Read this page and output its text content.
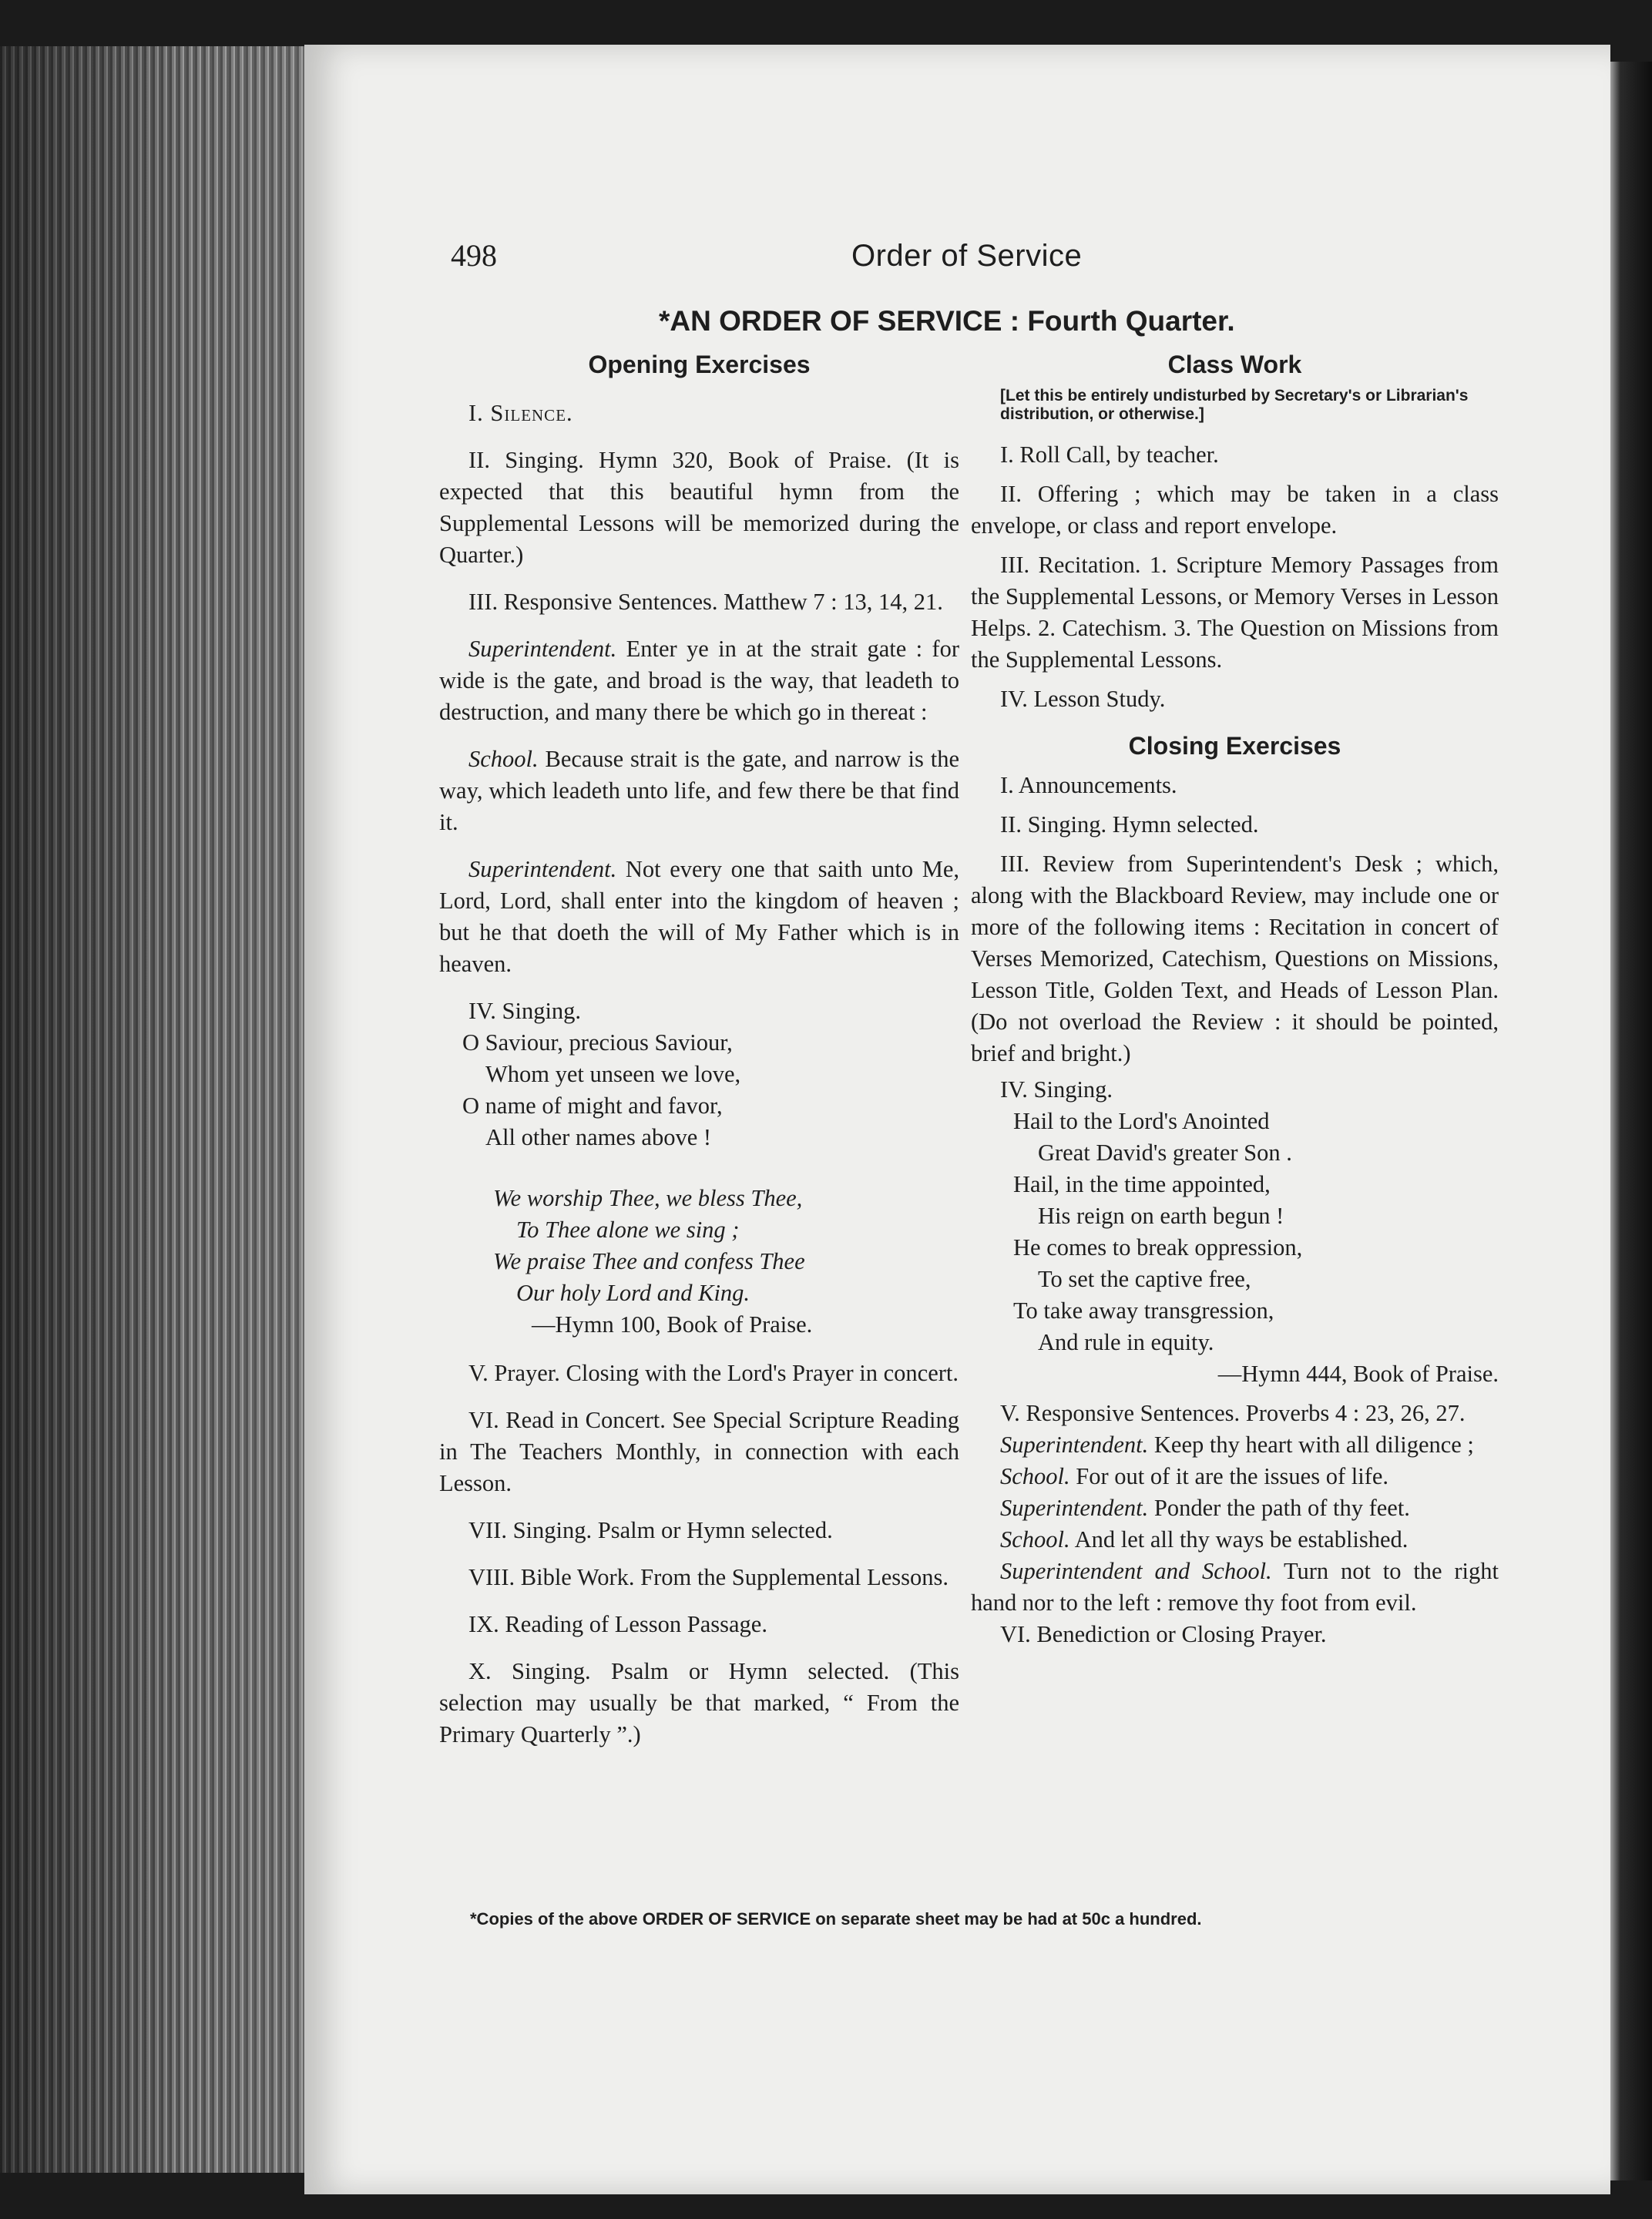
498	Order of Service
*AN ORDER OF SERVICE : Fourth Quarter.
Opening Exercises

I. Silence.

II. Singing. Hymn 320, Book of Praise. (It is expected that this beautiful hymn from the Supplemental Lessons will be memorized during the Quarter.)

III. Responsive Sentences. Matthew 7 : 13, 14, 21.

Superintendent. Enter ye in at the strait gate : for wide is the gate, and broad is the way, that leadeth to destruction, and many there be which go in thereat :

School. Because strait is the gate, and narrow is the way, which leadeth unto life, and few there be that find it.

Superintendent. Not every one that saith unto Me, Lord, Lord, shall enter into the kingdom of heaven ; but he that doeth the will of My Father which is in heaven.

IV. Singing.

O Saviour, precious Saviour,
Whom yet unseen we love,
O name of might and favor,
All other names above !
We worship Thee, we bless Thee,
To Thee alone we sing ;
We praise Thee and confess Thee
Our holy Lord and King.
—Hymn 100, Book of Praise.

V. Prayer. Closing with the Lord's Prayer in concert.

VI. Read in Concert. See Special Scripture Reading in The Teachers Monthly, in connection with each Lesson.

VII. Singing. Psalm or Hymn selected.

VIII. Bible Work. From the Supplemental Lessons.

IX. Reading of Lesson Passage.

X. Singing. Psalm or Hymn selected. (This selection may usually be that marked, “ From the Primary Quarterly ”.)

Class Work
[Let this be entirely undisturbed by Secretary's or Librarian's distribution, or otherwise.]

I. Roll Call, by teacher.

II. Offering ; which may be taken in a class envelope, or class and report envelope.

III. Recitation. 1. Scripture Memory Passages from the Supplemental Lessons, or Memory Verses in Lesson Helps. 2. Catechism. 3. The Question on Missions from the Supplemental Lessons.

IV. Lesson Study.

Closing Exercises

I. Announcements.

II. Singing. Hymn selected.

III. Review from Superintendent's Desk ; which, along with the Blackboard Review, may include one or more of the following items : Recitation in concert of Verses Memorized, Catechism, Questions on Missions, Lesson Title, Golden Text, and Heads of Lesson Plan. (Do not overload the Review : it should be pointed, brief and bright.)

IV. Singing.

Hail to the Lord's Anointed
Great David's greater Son .
Hail, in the time appointed,
His reign on earth begun !
He comes to break oppression,
To set the captive free,
To take away transgression,
And rule in equity.
—Hymn 444, Book of Praise.

V. Responsive Sentences. Proverbs 4 : 23, 26, 27.

Superintendent. Keep thy heart with all diligence ;

School. For out of it are the issues of life.

Superintendent. Ponder the path of thy feet.

School. And let all thy ways be established.

Superintendent and School. Turn not to the right hand nor to the left : remove thy foot from evil.

VI. Benediction or Closing Prayer.

*Copies of the above ORDER OF SERVICE on separate sheet may be had at 50c a hundred.
